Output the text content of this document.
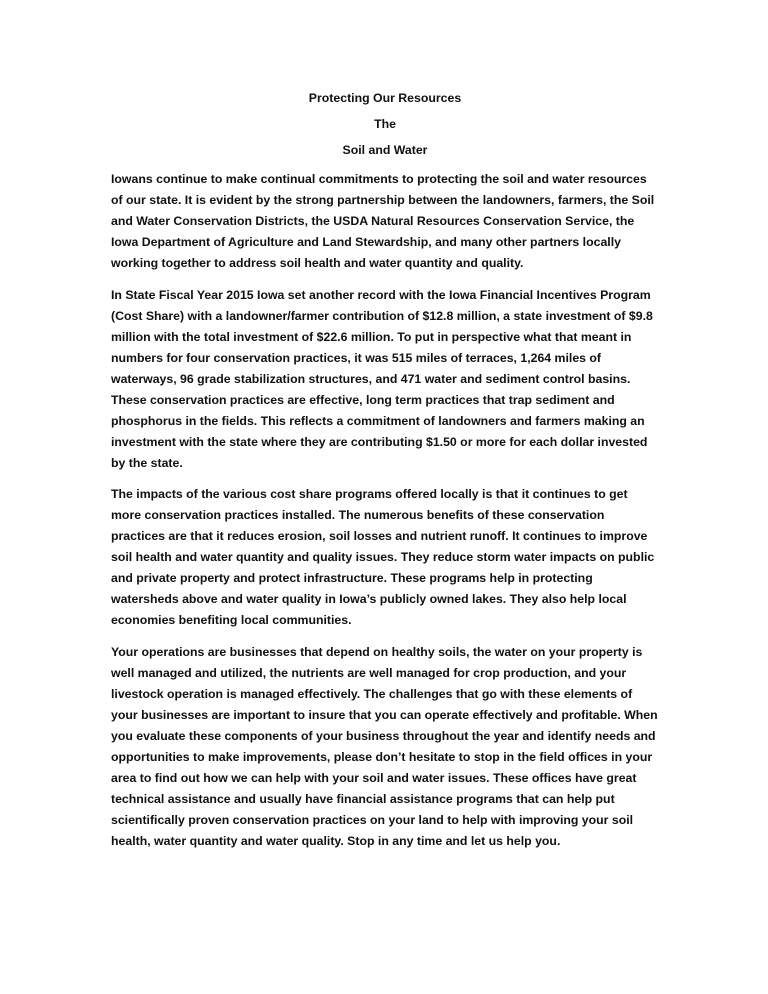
Protecting Our Resources
The
Soil and Water

Iowans continue to make continual commitments to protecting the soil and water resources of our state. It is evident by the strong partnership between the landowners, farmers, the Soil and Water Conservation Districts, the USDA Natural Resources Conservation Service, the Iowa Department of Agriculture and Land Stewardship, and many other partners locally working together to address soil health and water quantity and quality.

In State Fiscal Year 2015 Iowa set another record with the Iowa Financial Incentives Program (Cost Share) with a landowner/farmer contribution of $12.8 million, a state investment of $9.8 million with the total investment of $22.6 million. To put in perspective what that meant in numbers for four conservation practices, it was 515 miles of terraces, 1,264 miles of waterways, 96 grade stabilization structures, and 471 water and sediment control basins. These conservation practices are effective, long term practices that trap sediment and phosphorus in the fields. This reflects a commitment of landowners and farmers making an investment with the state where they are contributing $1.50 or more for each dollar invested by the state.

The impacts of the various cost share programs offered locally is that it continues to get more conservation practices installed. The numerous benefits of these conservation practices are that it reduces erosion, soil losses and nutrient runoff. It continues to improve soil health and water quantity and quality issues. They reduce storm water impacts on public and private property and protect infrastructure. These programs help in protecting watersheds above and water quality in Iowa’s publicly owned lakes. They also help local economies benefiting local communities.

Your operations are businesses that depend on healthy soils, the water on your property is well managed and utilized, the nutrients are well managed for crop production, and your livestock operation is managed effectively. The challenges that go with these elements of your businesses are important to insure that you can operate effectively and profitable. When you evaluate these components of your business throughout the year and identify needs and opportunities to make improvements, please don’t hesitate to stop in the field offices in your area to find out how we can help with your soil and water issues. These offices have great technical assistance and usually have financial assistance programs that can help put scientifically proven conservation practices on your land to help with improving your soil health, water quantity and water quality. Stop in any time and let us help you.
